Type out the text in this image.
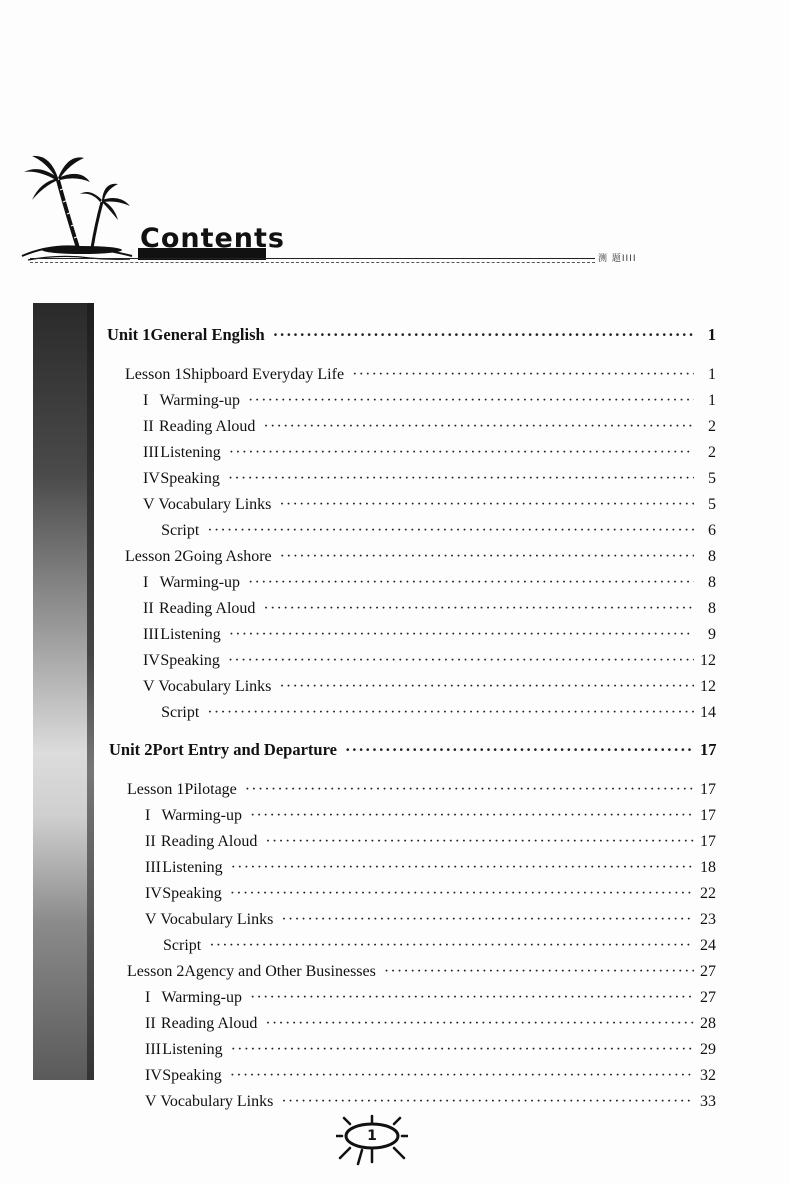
Contents
测 题IIII
Unit 1 General English ·····	1
Lesson 1 Shipboard Everyday Life ·····	1
I Warming-up ·····	1
II Reading Aloud ·····	2
III Listening ·····	2
IV Speaking ·····	5
V Vocabulary Links ·····	5
Script ·····	6
Lesson 2 Going Ashore ·····	8
I Warming-up ·····	8
II Reading Aloud ·····	8
III Listening ·····	9
IV Speaking ·····	12
V Vocabulary Links ·····	12
Script ·····	14
Unit 2 Port Entry and Departure ·····	17
Lesson 1 Pilotage ·····	17
I Warming-up ·····	17
II Reading Aloud ·····	17
III Listening ·····	18
IV Speaking ·····	22
V Vocabulary Links ·····	23
Script ·····	24
Lesson 2 Agency and Other Businesses ·····	27
I Warming-up ·····	27
II Reading Aloud ·····	28
III Listening ·····	29
IV Speaking ·····	32
V Vocabulary Links ·····	33
1
